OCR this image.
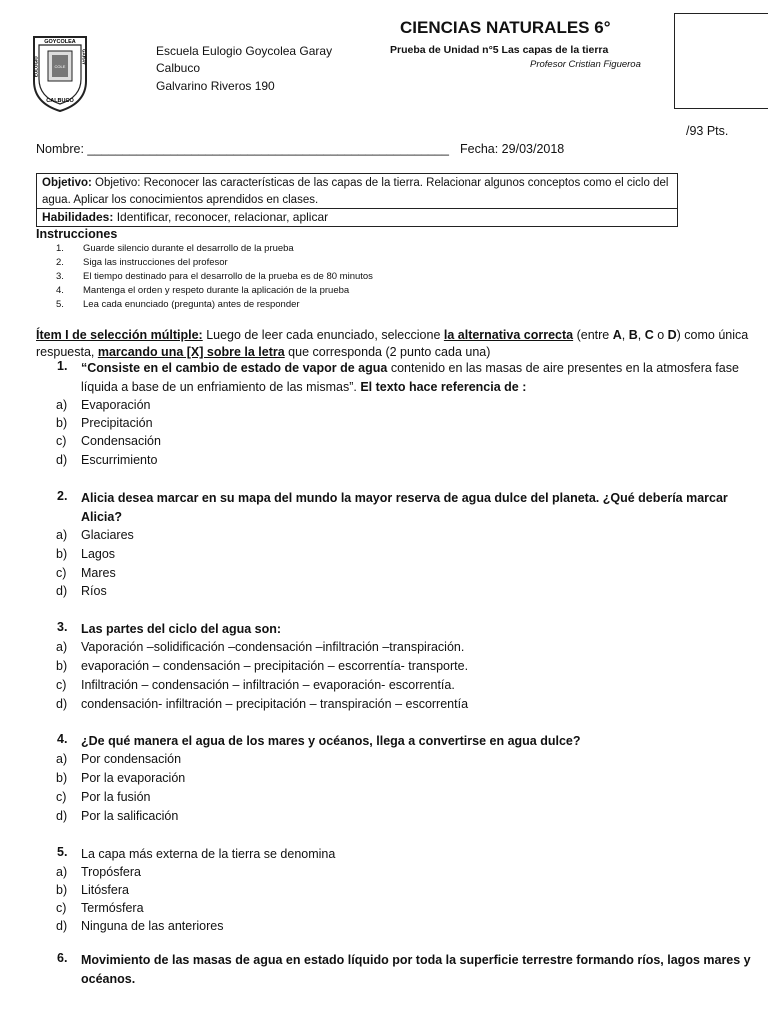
GOYCOLEA
COLE
EULOGIO	GARAY
CALBUCO
Escuela Eulogio Goycolea Garay
Calbuco
Galvarino Riveros 190
CIENCIAS NATURALES 6°
Prueba de Unidad n°5 Las capas de la tierra
Profesor Cristian Figueroa
/93 Pts.
Nombre: ____________________________________________________ Fecha: 29/03/2018
Objetivo: Objetivo: Reconocer las características de las capas de la tierra. Relacionar algunos conceptos como el ciclo del agua. Aplicar los conocimientos aprendidos en clases.
Habilidades: Identificar, reconocer, relacionar, aplicar
Instrucciones
1. Guarde silencio durante el desarrollo de la prueba
2. Siga las instrucciones del profesor
3. El tiempo destinado para el desarrollo de la prueba es de 80 minutos
4. Mantenga el orden y respeto durante la aplicación de la prueba
5. Lea cada enunciado (pregunta) antes de responder
Ítem I de selección múltiple: Luego de leer cada enunciado, seleccione la alternativa correcta (entre A, B, C o D) como única respuesta, marcando una [X] sobre la letra que corresponda (2 punto cada una)
1. “Consiste en el cambio de estado de vapor de agua contenido en las masas de aire presentes en la atmosfera fase líquida a base de un enfriamiento de las mismas”. El texto hace referencia de :
a) Evaporación
b) Precipitación
c) Condensación
d) Escurrimiento
2. Alicia desea marcar en su mapa del mundo la mayor reserva de agua dulce del planeta. ¿Qué debería marcar Alicia?
a) Glaciares
b) Lagos
c) Mares
d) Ríos
3. Las partes del ciclo del agua son:
a) Vaporación –solidificación –condensación –infiltración –transpiración.
b) evaporación – condensación – precipitación – escorrentía- transporte.
c) Infiltración – condensación – infiltración – evaporación- escorrentía.
d) condensación- infiltración – precipitación – transpiración – escorrentía
4. ¿De qué manera el agua de los mares y océanos, llega a convertirse en agua dulce?
a) Por condensación
b) Por la evaporación
c) Por la fusión
d) Por la salificación
5. La capa más externa de la tierra se denomina
a) Tropósfera
b) Litósfera
c) Termósfera
d) Ninguna de las anteriores
6. Movimiento de las masas de agua en estado líquido por toda la superficie terrestre formando ríos, lagos mares y océanos.
